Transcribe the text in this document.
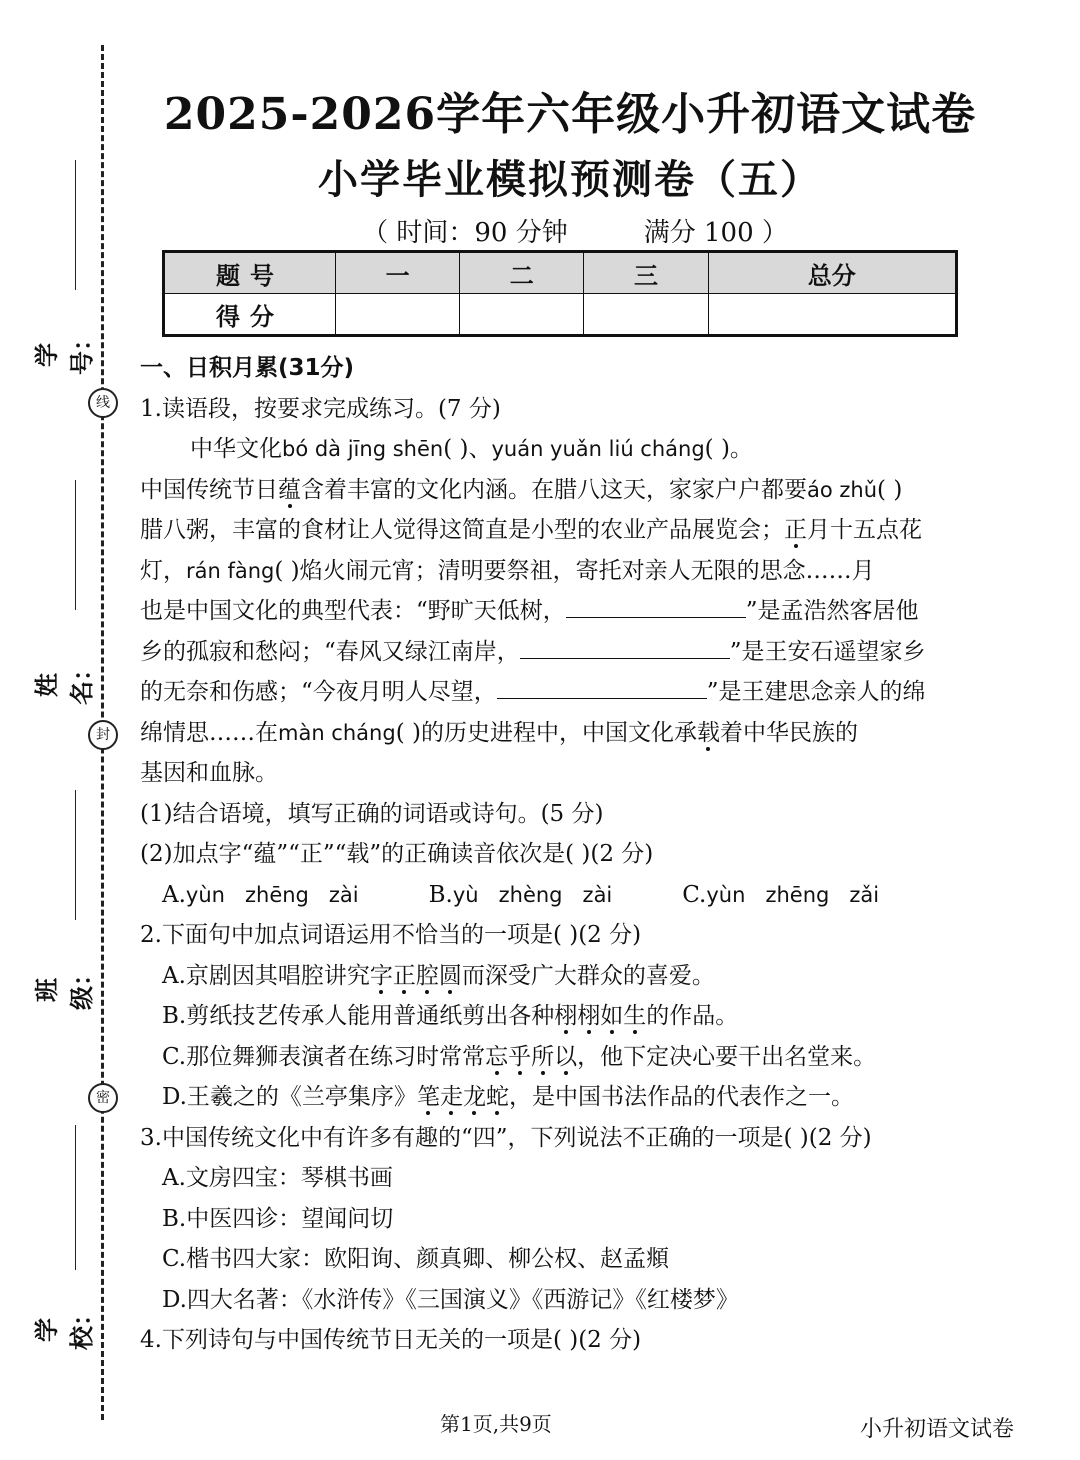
线
封
密
学号：
姓名：
班级：
学校：
2025-2026学年六年级小升初语文试卷
小学毕业模拟预测卷（五）
（ 时间：90 分钟	满分 100 ）
题号	一	二	三	总分
得分				
一、日积月累(31分)
1.读语段，按要求完成练习。(7 分)
中华文化bó dà jīng shēn( )、yuán yuǎn liú cháng( )。
中国传统节日蕴含着丰富的文化内涵。在腊八这天，家家户户都要áo zhǔ( )
腊八粥，丰富的食材让人觉得这简直是小型的农业产品展览会；正月十五点花
灯，rán fàng( )焰火闹元宵；清明要祭祖，寄托对亲人无限的思念……月
也是中国文化的典型代表：“野旷天低树，	”是孟浩然客居他
乡的孤寂和愁闷；“春风又绿江南岸，	”是王安石遥望家乡
的无奈和伤感；“今夜月明人尽望，	”是王建思念亲人的绵
绵情思……在màn cháng( )的历史进程中，中国文化承载着中华民族的
基因和血脉。
(1)结合语境，填写正确的词语或诗句。(5 分)
(2)加点字“蕴”“正”“载”的正确读音依次是( )(2 分)
A.yùn   zhēng   zài	B.yù   zhèng   zài	C.yùn   zhēng   zǎi
2.下面句中加点词语运用不恰当的一项是( )(2 分)
A.京剧因其唱腔讲究字正腔圆而深受广大群众的喜爱。
B.剪纸技艺传承人能用普通纸剪出各种栩栩如生的作品。
C.那位舞狮表演者在练习时常常忘乎所以，他下定决心要干出名堂来。
D.王羲之的《兰亭集序》笔走龙蛇，是中国书法作品的代表作之一。
3.中国传统文化中有许多有趣的“四”，下列说法不正确的一项是( )(2 分)
A.文房四宝：琴棋书画
B.中医四诊：望闻问切
C.楷书四大家：欧阳询、颜真卿、柳公权、赵孟頫
D.四大名著：《水浒传》《三国演义》《西游记》《红楼梦》
4.下列诗句与中国传统节日无关的一项是( )(2 分)
第1页,共9页	小升初语文试卷
